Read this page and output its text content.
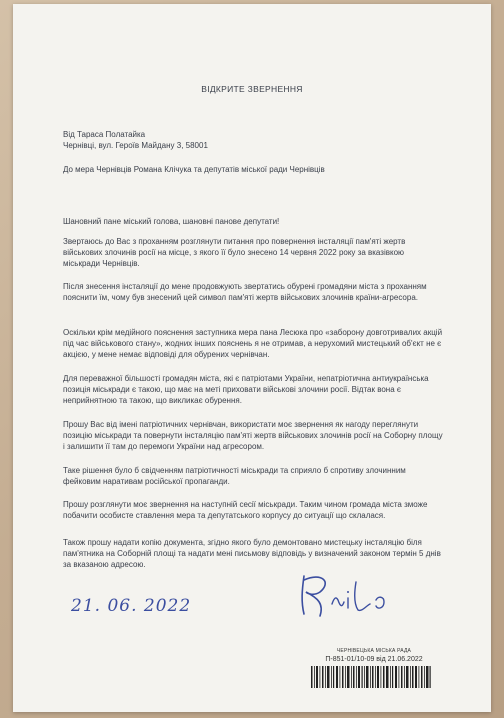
ВІДКРИТЕ ЗВЕРНЕННЯ
Від Тараса Полатайка
Чернівці, вул. Героїв Майдану 3, 58001
До мера Чернівців Романа Клічука та депутатів міської ради Чернівців
Шановний пане міський голова, шановні панове депутати!
Звертаюсь до Вас з проханням розглянути питання про повернення інсталяції пам'яті жертв військових злочинів росії на місце, з якого її було знесено 14 червня 2022 року за вказівкою міськради Чернівців.
Після знесення інсталяції до мене продовжують звертатись обурені громадяни міста з проханням пояснити їм, чому був знесений цей символ пам'яті жертв військових злочинів країни-агресора.
Оскільки крім медійного пояснення заступника мера пана Лесюка про «заборону довготривалих акцій під час військового стану», жодних інших пояснень я не отримав, а нерухомий мистецький об'єкт не є акцією, у мене немає відповіді для обурених чернівчан.
Для переважної більшості громадян міста, які є патріотами України, непатріотична антиукраїнська позиція міськради є такою, що має на меті приховати військові злочини росії. Відтак вона є неприйнятною та такою, що викликає обурення.
Прошу Вас від імені патріотичних чернівчан, використати моє звернення як нагоду переглянути позицію міськради та повернути інсталяцію пам'яті жертв військових злочинів росії на Соборну площу і залишити її там до перемоги України над агресором.
Таке рішення було б свідченням патріотичності міськради та сприяло б спротиву злочинним фейковим наративам російської пропаганди.
Прошу розглянути моє звернення на наступній сесії міськради. Таким чином громада міста зможе побачити особисте ставлення мера та депутатського корпусу до ситуації що склалася.
Також прошу надати копію документа, згідно якого було демонтовано мистецьку інсталяцію біля пам'ятника на Соборній площі та надати мені письмову відповідь у визначений законом термін 5 днів за вказаною адресою.
21. 06. 2022
ЧЕРНІВЕЦЬКА МІСЬКА РАДА
П-851-01/10-09 від 21.06.2022
